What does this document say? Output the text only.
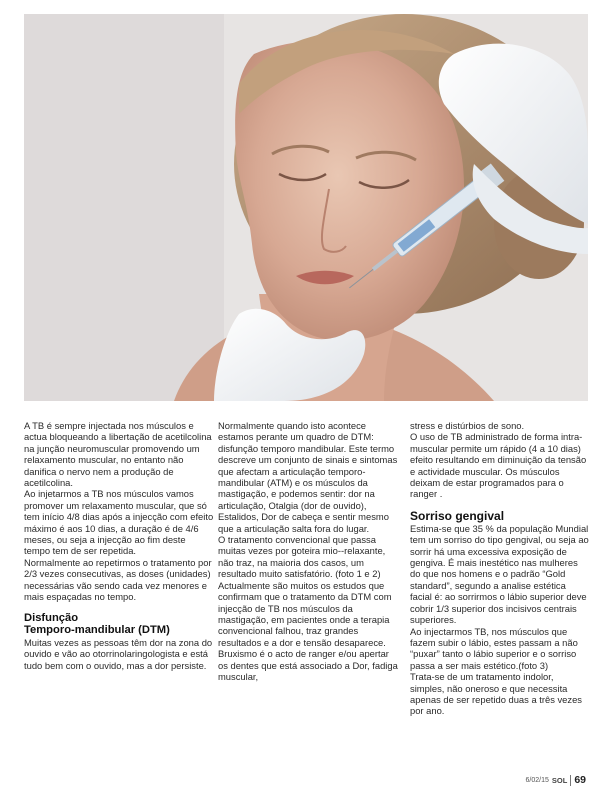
A TB é sempre injectada nos músculos e actua bloqueando a libertação de acetilcolina na junção neuromuscular promovendo um relaxamento muscular, no entanto não danifica o nervo nem a produção de acetilcolina.

Ao injetarmos a TB nos músculos vamos promover um relaxamento muscular, que só tem início 4/8 dias após a injecção com efeito máximo é aos 10 dias, a duração é de 4/6 meses, ou seja a injecção ao fim deste tempo tem de ser repetida.

Normalmente ao repetirmos o tratamento por 2/3 vezes consecutivas, as doses (unidades) necessárias vão sendo cada vez menores e mais espaçadas no tempo.

Disfunção

Temporo-mandibular (DTM)

Muitas vezes as pessoas têm dor na zona do ouvido e vão ao otorrinolaringologista e está tudo bem com o ouvido, mas a dor persiste.

Normalmente quando isto acontece estamos perante um quadro de DTM: disfunção temporo mandibular. Este termo descreve um conjunto de sinais e sintomas que afectam a articulação temporo-mandibular (ATM) e os músculos da mastigação, e podemos sentir: dor na articulação, Otalgia (dor de ouvido), Estalidos, Dor de cabeça e sentir mesmo que a articulação salta fora do lugar.

O tratamento convencional que passa muitas vezes por goteira mio--relaxante, não traz, na maioria dos casos, um resultado muito satisfatório. (foto 1 e 2)

Actualmente são muitos os estudos que confirmam que o tratamento da DTM com injecção de TB nos músculos da mastigação, em pacientes onde a terapia convencional falhou, traz grandes resultados e a dor e tensão desaparece.

Bruxismo é o acto de ranger e/ou apertar os dentes que está associado a Dor, fadiga muscular,

stress e distúrbios de sono.

O uso de TB administrado de forma intra-muscular permite um rápido (4 a 10 dias) efeito resultando em diminuição da tensão e actividade muscular. Os músculos deixam de estar programados para o ranger .

Sorriso gengival

Estima-se que 35 % da população Mundial tem um sorriso do tipo gengival, ou seja ao sorrir há uma excessiva exposição de gengiva. É mais inestético nas mulheres do que nos homens e o padrão “Gold standard”, segundo a analise estética facial é: ao sorrirmos o lábio superior deve cobrir 1/3 superior dos incisivos centrais superiores.

Ao injectarmos TB, nos músculos que fazem subir o lábio, estes passam a não “puxar” tanto o lábio superior e o sorriso passa a ser mais estético.(foto 3)

Trata-se de um tratamento indolor, simples, não oneroso e que necessita apenas de ser repetido duas a três vezes por ano.

6/02/15 SOL 69
